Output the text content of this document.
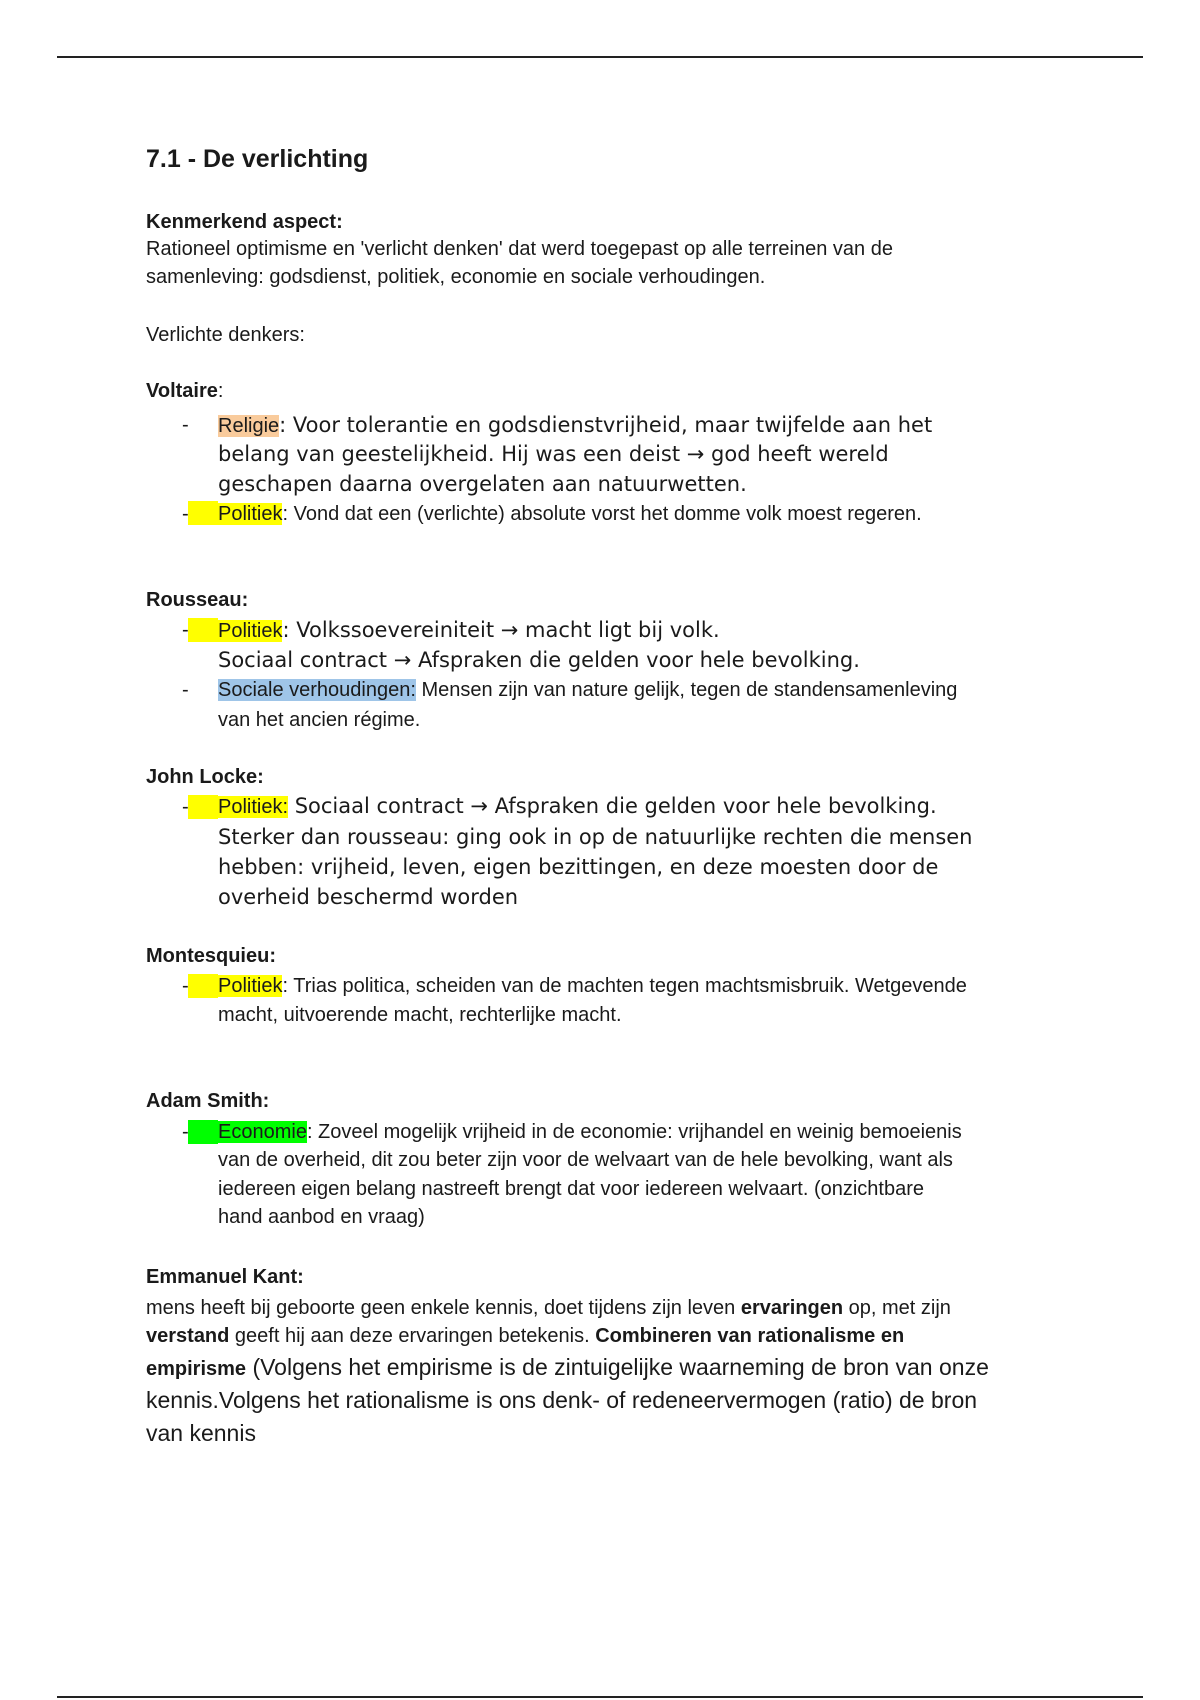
7.1 - De verlichting
Kenmerkend aspect:
Rationeel optimisme en 'verlicht denken' dat werd toegepast op alle terreinen van de
samenleving: godsdienst, politiek, economie en sociale verhoudingen.
Verlichte denkers:
Voltaire:
- Religie: Voor tolerantie en godsdienstvrijheid, maar twijfelde aan het
belang van geestelijkheid. Hij was een deist → god heeft wereld
geschapen daarna overgelaten aan natuurwetten.
- Politiek: Vond dat een (verlichte) absolute vorst het domme volk moest regeren.
Rousseau:
- Politiek: Volkssoevereiniteit → macht ligt bij volk.
Sociaal contract → Afspraken die gelden voor hele bevolking.
- Sociale verhoudingen: Mensen zijn van nature gelijk, tegen de standensamenleving
van het ancien régime.
John Locke:
- Politiek: Sociaal contract → Afspraken die gelden voor hele bevolking.
Sterker dan rousseau: ging ook in op de natuurlijke rechten die mensen
hebben: vrijheid, leven, eigen bezittingen, en deze moesten door de
overheid beschermd worden
Montesquieu:
- Politiek: Trias politica, scheiden van de machten tegen machtsmisbruik. Wetgevende
macht, uitvoerende macht, rechterlijke macht.
Adam Smith:
- Economie: Zoveel mogelijk vrijheid in de economie: vrijhandel en weinig bemoeienis
van de overheid, dit zou beter zijn voor de welvaart van de hele bevolking, want als
iedereen eigen belang nastreeft brengt dat voor iedereen welvaart. (onzichtbare
hand aanbod en vraag)
Emmanuel Kant:
mens heeft bij geboorte geen enkele kennis, doet tijdens zijn leven ervaringen op, met zijn
verstand geeft hij aan deze ervaringen betekenis. Combineren van rationalisme en
empirisme (Volgens het empirisme is de zintuigelijke waarneming de bron van onze
kennis.Volgens het rationalisme is ons denk- of redeneervermogen (ratio) de bron
van kennis
